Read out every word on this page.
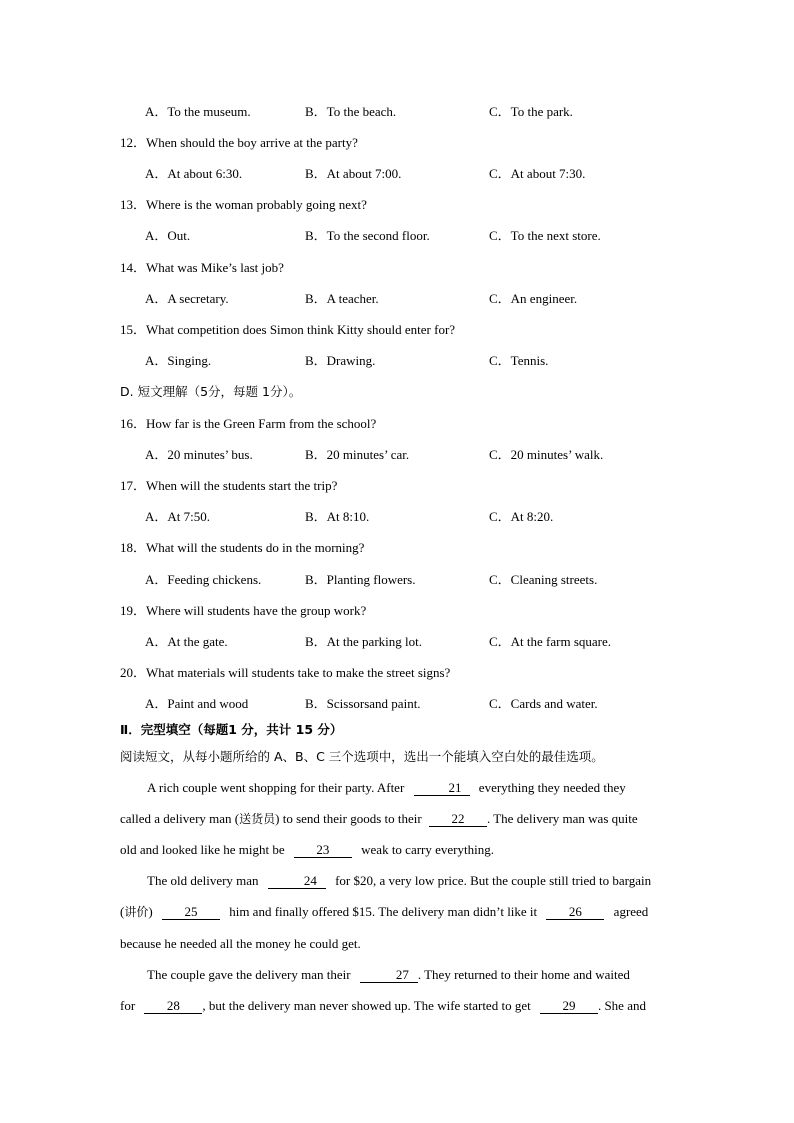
A．To the museum.	B．To the beach.	C．To the park.
12．When should the boy arrive at the party?
A．At about 6:30.	B．At about 7:00.	C．At about 7:30.
13．Where is the woman probably going next?
A．Out.	B．To the second floor.	C．To the next store.
14．What was Mike’s last job?
A．A secretary.	B．A teacher.	C．An engineer.
15．What competition does Simon think Kitty should enter for?
A．Singing.	B．Drawing.	C．Tennis.
D. 短文理解（5分，每题 1分）。
16．How far is the Green Farm from the school?
A．20 minutes’ bus.	B．20 minutes’ car.	C．20 minutes’ walk.
17．When will the students start the trip?
A．At 7:50.	B．At 8:10.	C．At 8:20.
18．What will the students do in the morning?
A．Feeding chickens.	B．Planting flowers.	C．Cleaning streets.
19．Where will students have the group work?
A．At the gate.	B．At the parking lot.	C．At the farm square.
20．What materials will students take to make the street signs?
A．Paint and wood	B．Scissorsand paint.	C．Cards and water.
Ⅱ．完型填空（每题1 分，共计 15 分）
阅读短文，从每小题所给的 A、B、C 三个选项中，选出一个能填入空白处的最佳选项。
A rich couple went shopping for their party. After	21 everything they needed they
called a delivery man (送货员) to send their goods to their 22 . The delivery man was quite
old and looked like he might be 23 weak to carry everything.
The old delivery man	24 for $20, a very low price. But the couple still tried to bargain
(讲价) 25 him and finally offered $15. The delivery man didn’t like it 26 agreed
because he needed all the money he could get.
The couple gave the delivery man their	27 . They returned to their home and waited
for 28 , but the delivery man never showed up. The wife started to get 29 . She and
